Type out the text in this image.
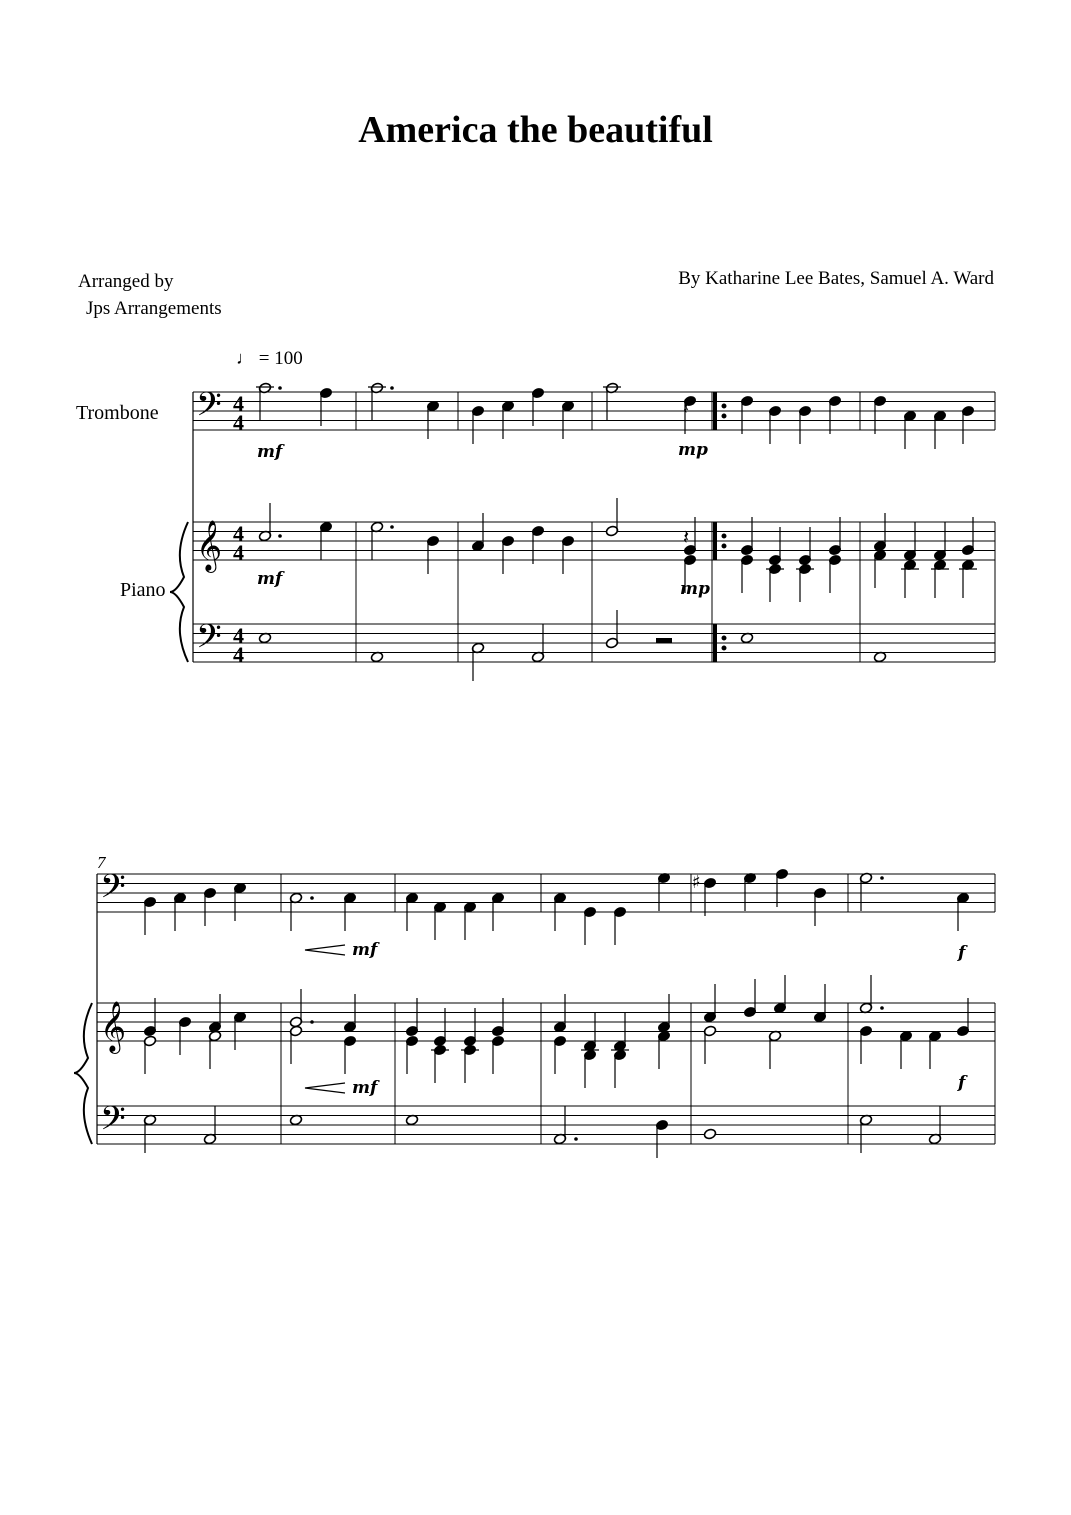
America the beautiful
Arranged by
Jps Arrangements
By Katharine Lee Bates, Samuel A. Ward
♩ = 100
Trombone
Piano
𝄢
𝄢
𝄞
4
4
4
4
4
4
𝄢
𝄢
𝄞
𝄽
𝄽
♯
mf	mp
mf	mp
mf	f
mf	f
7
